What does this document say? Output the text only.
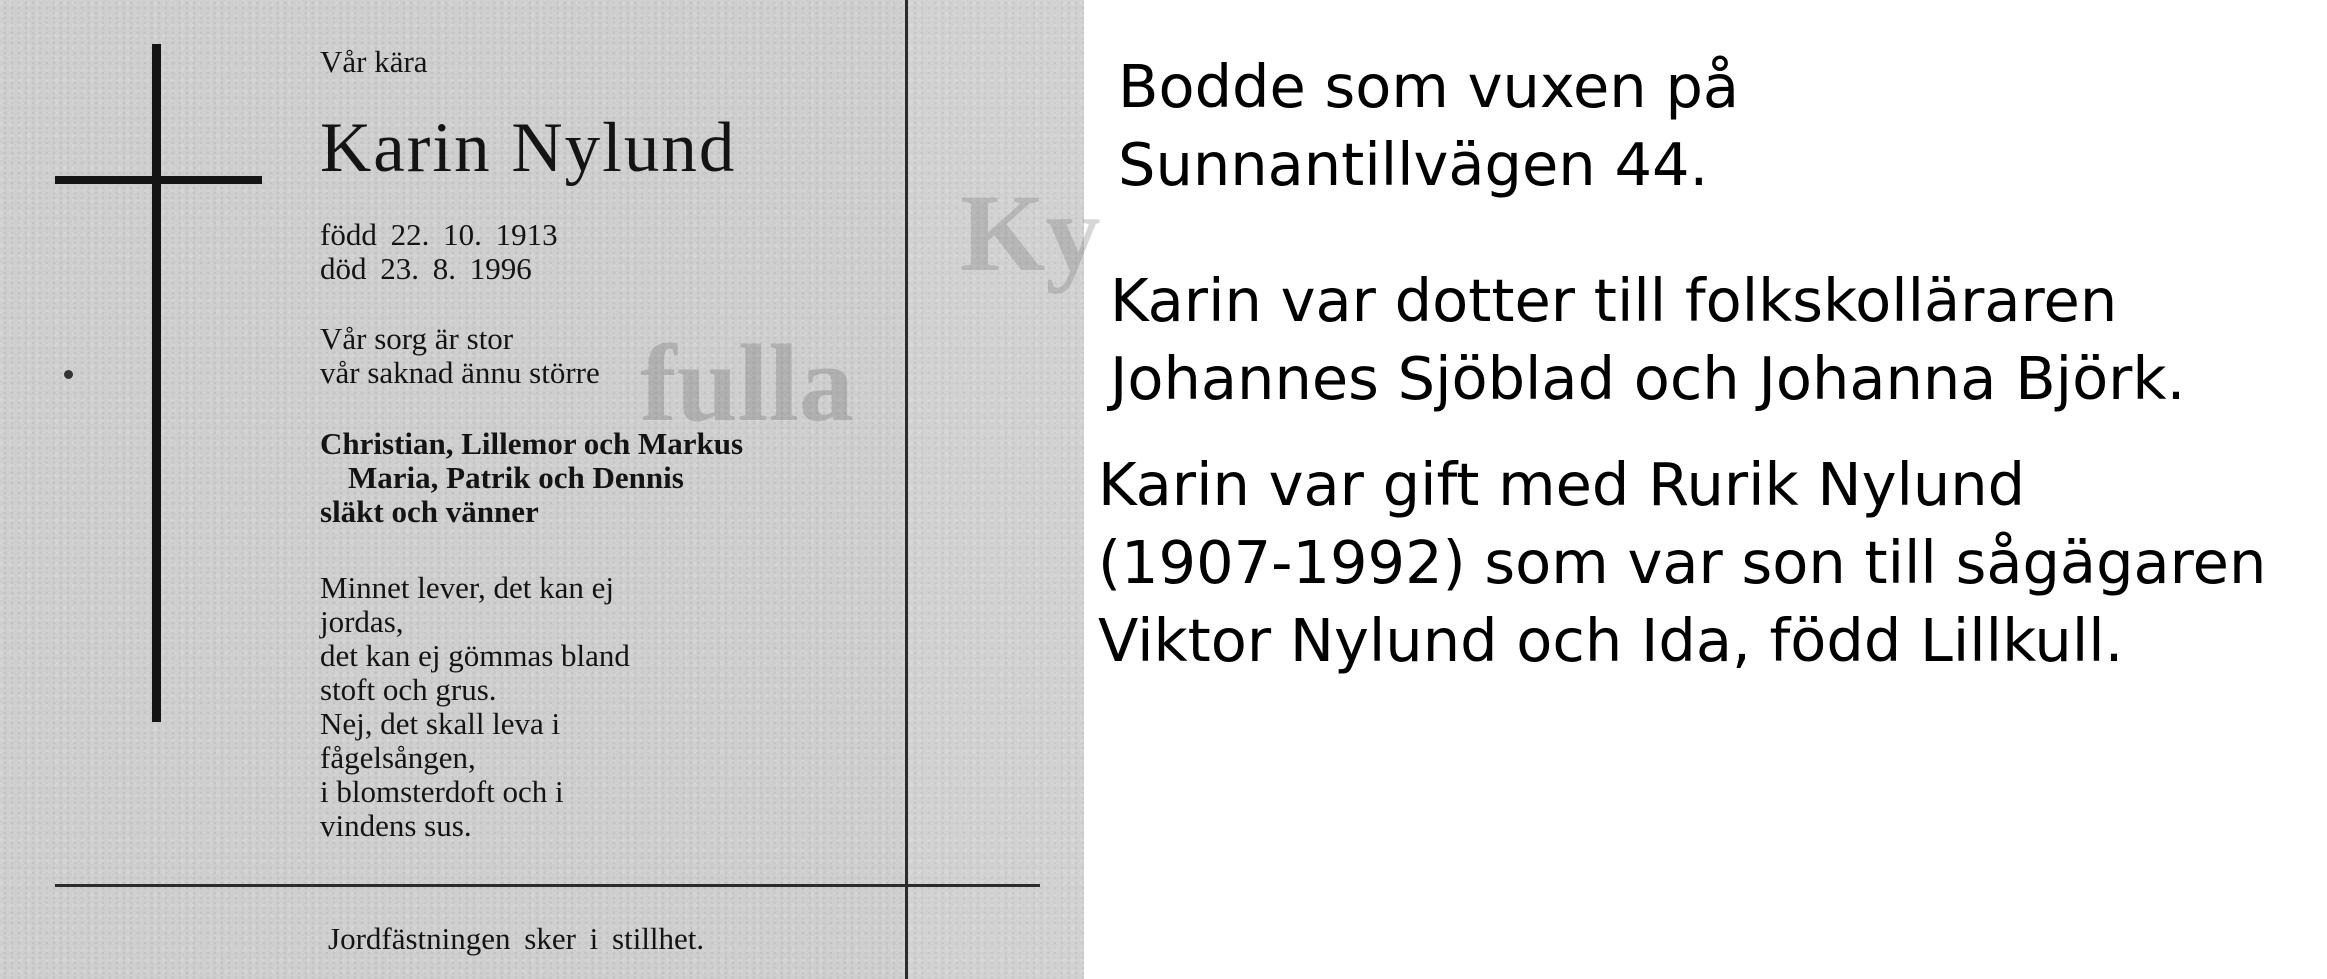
Ky
fulla
Vår kära
Karin Nylund
född 22. 10. 1913
död 23. 8. 1996
Vår sorg är stor
vår saknad ännu större
Christian, Lillemor och Markus
Maria, Patrik och Dennis
släkt och vänner
Minnet lever, det kan ej
jordas,
det kan ej gömmas bland
stoft och grus.
Nej, det skall leva i
fågelsången,
i blomsterdoft och i
vindens sus.
Jordfästningen sker i stillhet.
Bodde som vuxen på
Sunnantillvägen 44.
Karin var dotter till folkskolläraren
Johannes Sjöblad och Johanna Björk.
Karin var gift med Rurik Nylund
(1907-1992) som var son till sågägaren
Viktor Nylund och Ida, född Lillkull.
